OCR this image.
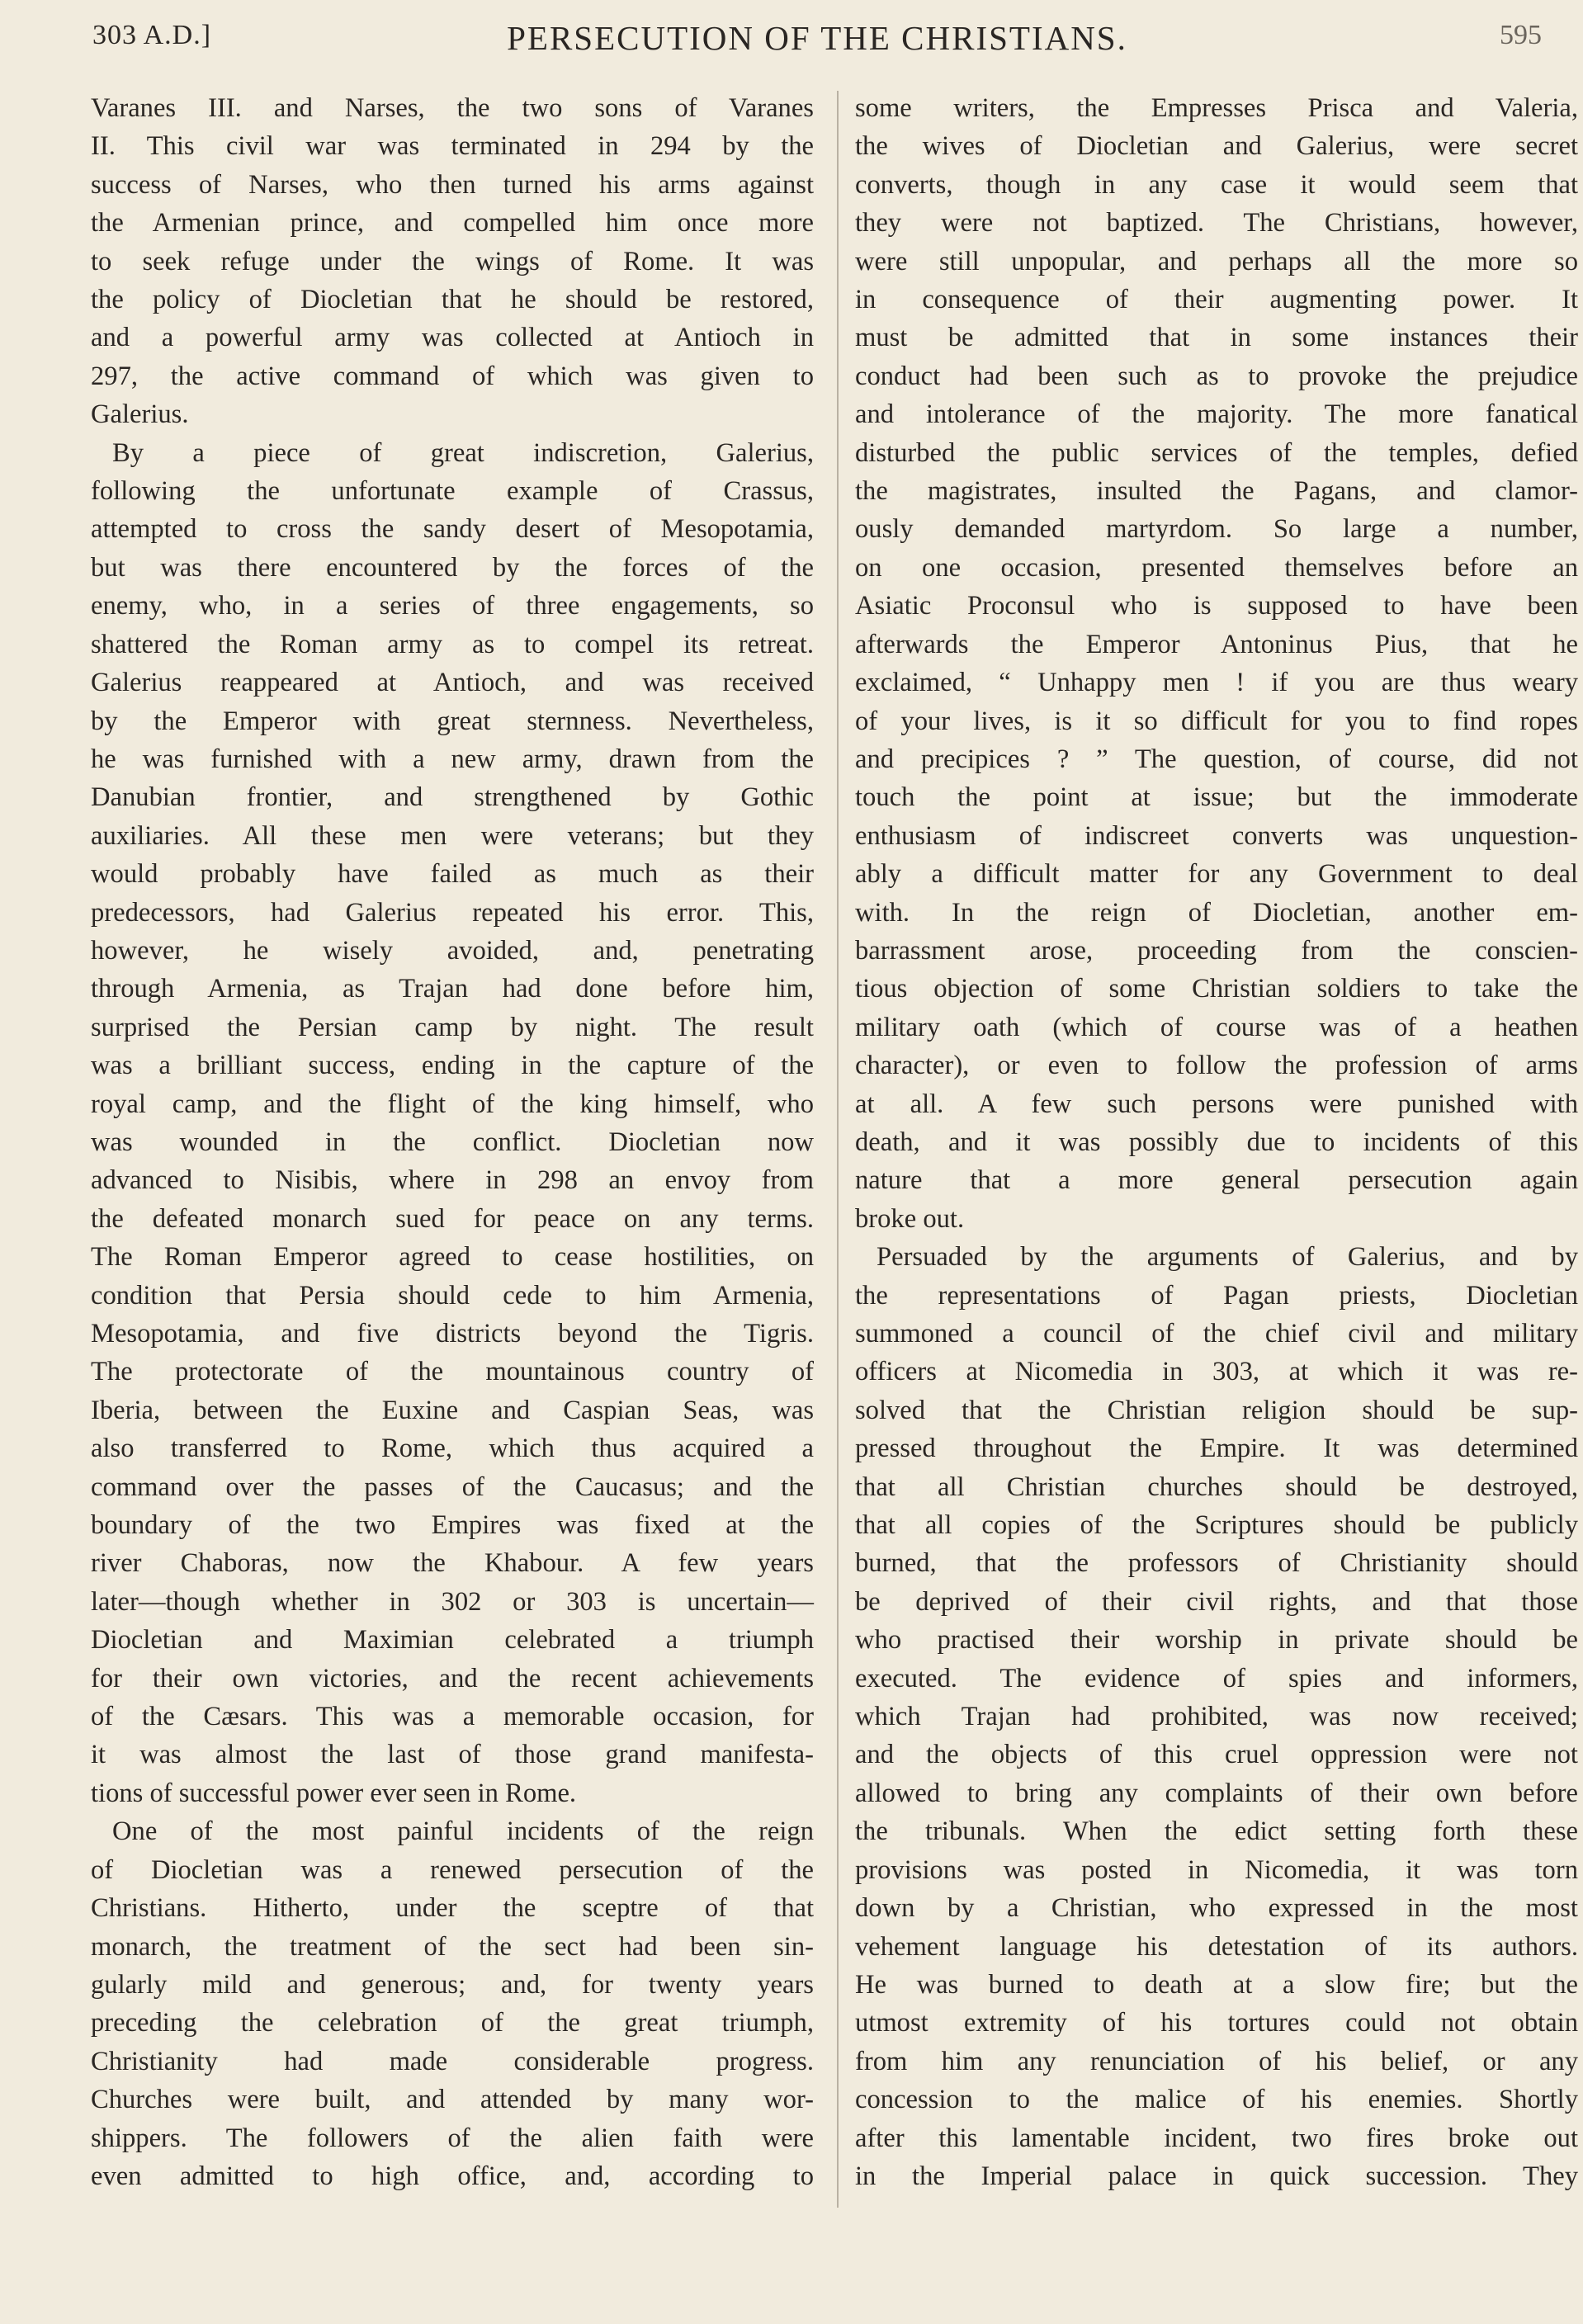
303 A.D.]	PERSECUTION OF THE CHRISTIANS.	595
Varanes III. and Narses, the two sons of Varanes
II. This civil war was terminated in 294 by the
success of Narses, who then turned his arms against
the Armenian prince, and compelled him once more
to seek refuge under the wings of Rome. It was
the policy of Diocletian that he should be restored,
and a powerful army was collected at Antioch in
297, the active command of which was given to
Galerius.
By a piece of great indiscretion, Galerius,
following the unfortunate example of Crassus,
attempted to cross the sandy desert of Mesopotamia,
but was there encountered by the forces of the
enemy, who, in a series of three engagements, so
shattered the Roman army as to compel its retreat.
Galerius reappeared at Antioch, and was received
by the Emperor with great sternness. Nevertheless,
he was furnished with a new army, drawn from the
Danubian frontier, and strengthened by Gothic
auxiliaries. All these men were veterans; but they
would probably have failed as much as their
predecessors, had Galerius repeated his error. This,
however, he wisely avoided, and, penetrating
through Armenia, as Trajan had done before him,
surprised the Persian camp by night. The result
was a brilliant success, ending in the capture of the
royal camp, and the flight of the king himself, who
was wounded in the conflict. Diocletian now
advanced to Nisibis, where in 298 an envoy from
the defeated monarch sued for peace on any terms.
The Roman Emperor agreed to cease hostilities, on
condition that Persia should cede to him Armenia,
Mesopotamia, and five districts beyond the Tigris.
The protectorate of the mountainous country of
Iberia, between the Euxine and Caspian Seas, was
also transferred to Rome, which thus acquired a
command over the passes of the Caucasus; and the
boundary of the two Empires was fixed at the
river Chaboras, now the Khabour. A few years
later—though whether in 302 or 303 is uncertain—
Diocletian and Maximian celebrated a triumph
for their own victories, and the recent achievements
of the Cæsars. This was a memorable occasion, for
it was almost the last of those grand manifesta-
tions of successful power ever seen in Rome.
One of the most painful incidents of the reign
of Diocletian was a renewed persecution of the
Christians. Hitherto, under the sceptre of that
monarch, the treatment of the sect had been sin-
gularly mild and generous; and, for twenty years
preceding the celebration of the great triumph,
Christianity had made considerable progress.
Churches were built, and attended by many wor-
shippers. The followers of the alien faith were
even admitted to high office, and, according to
some writers, the Empresses Prisca and Valeria,
the wives of Diocletian and Galerius, were secret
converts, though in any case it would seem that
they were not baptized. The Christians, however,
were still unpopular, and perhaps all the more so
in consequence of their augmenting power. It
must be admitted that in some instances their
conduct had been such as to provoke the prejudice
and intolerance of the majority. The more fanatical
disturbed the public services of the temples, defied
the magistrates, insulted the Pagans, and clamor-
ously demanded martyrdom. So large a number,
on one occasion, presented themselves before an
Asiatic Proconsul who is supposed to have been
afterwards the Emperor Antoninus Pius, that he
exclaimed, “ Unhappy men ! if you are thus weary
of your lives, is it so difficult for you to find ropes
and precipices ? ” The question, of course, did not
touch the point at issue; but the immoderate
enthusiasm of indiscreet converts was unquestion-
ably a difficult matter for any Government to deal
with. In the reign of Diocletian, another em-
barrassment arose, proceeding from the conscien-
tious objection of some Christian soldiers to take the
military oath (which of course was of a heathen
character), or even to follow the profession of arms
at all. A few such persons were punished with
death, and it was possibly due to incidents of this
nature that a more general persecution again
broke out.
Persuaded by the arguments of Galerius, and by
the representations of Pagan priests, Diocletian
summoned a council of the chief civil and military
officers at Nicomedia in 303, at which it was re-
solved that the Christian religion should be sup-
pressed throughout the Empire. It was determined
that all Christian churches should be destroyed,
that all copies of the Scriptures should be publicly
burned, that the professors of Christianity should
be deprived of their civil rights, and that those
who practised their worship in private should be
executed. The evidence of spies and informers,
which Trajan had prohibited, was now received;
and the objects of this cruel oppression were not
allowed to bring any complaints of their own before
the tribunals. When the edict setting forth these
provisions was posted in Nicomedia, it was torn
down by a Christian, who expressed in the most
vehement language his detestation of its authors.
He was burned to death at a slow fire; but the
utmost extremity of his tortures could not obtain
from him any renunciation of his belief, or any
concession to the malice of his enemies. Shortly
after this lamentable incident, two fires broke out
in the Imperial palace in quick succession. They
